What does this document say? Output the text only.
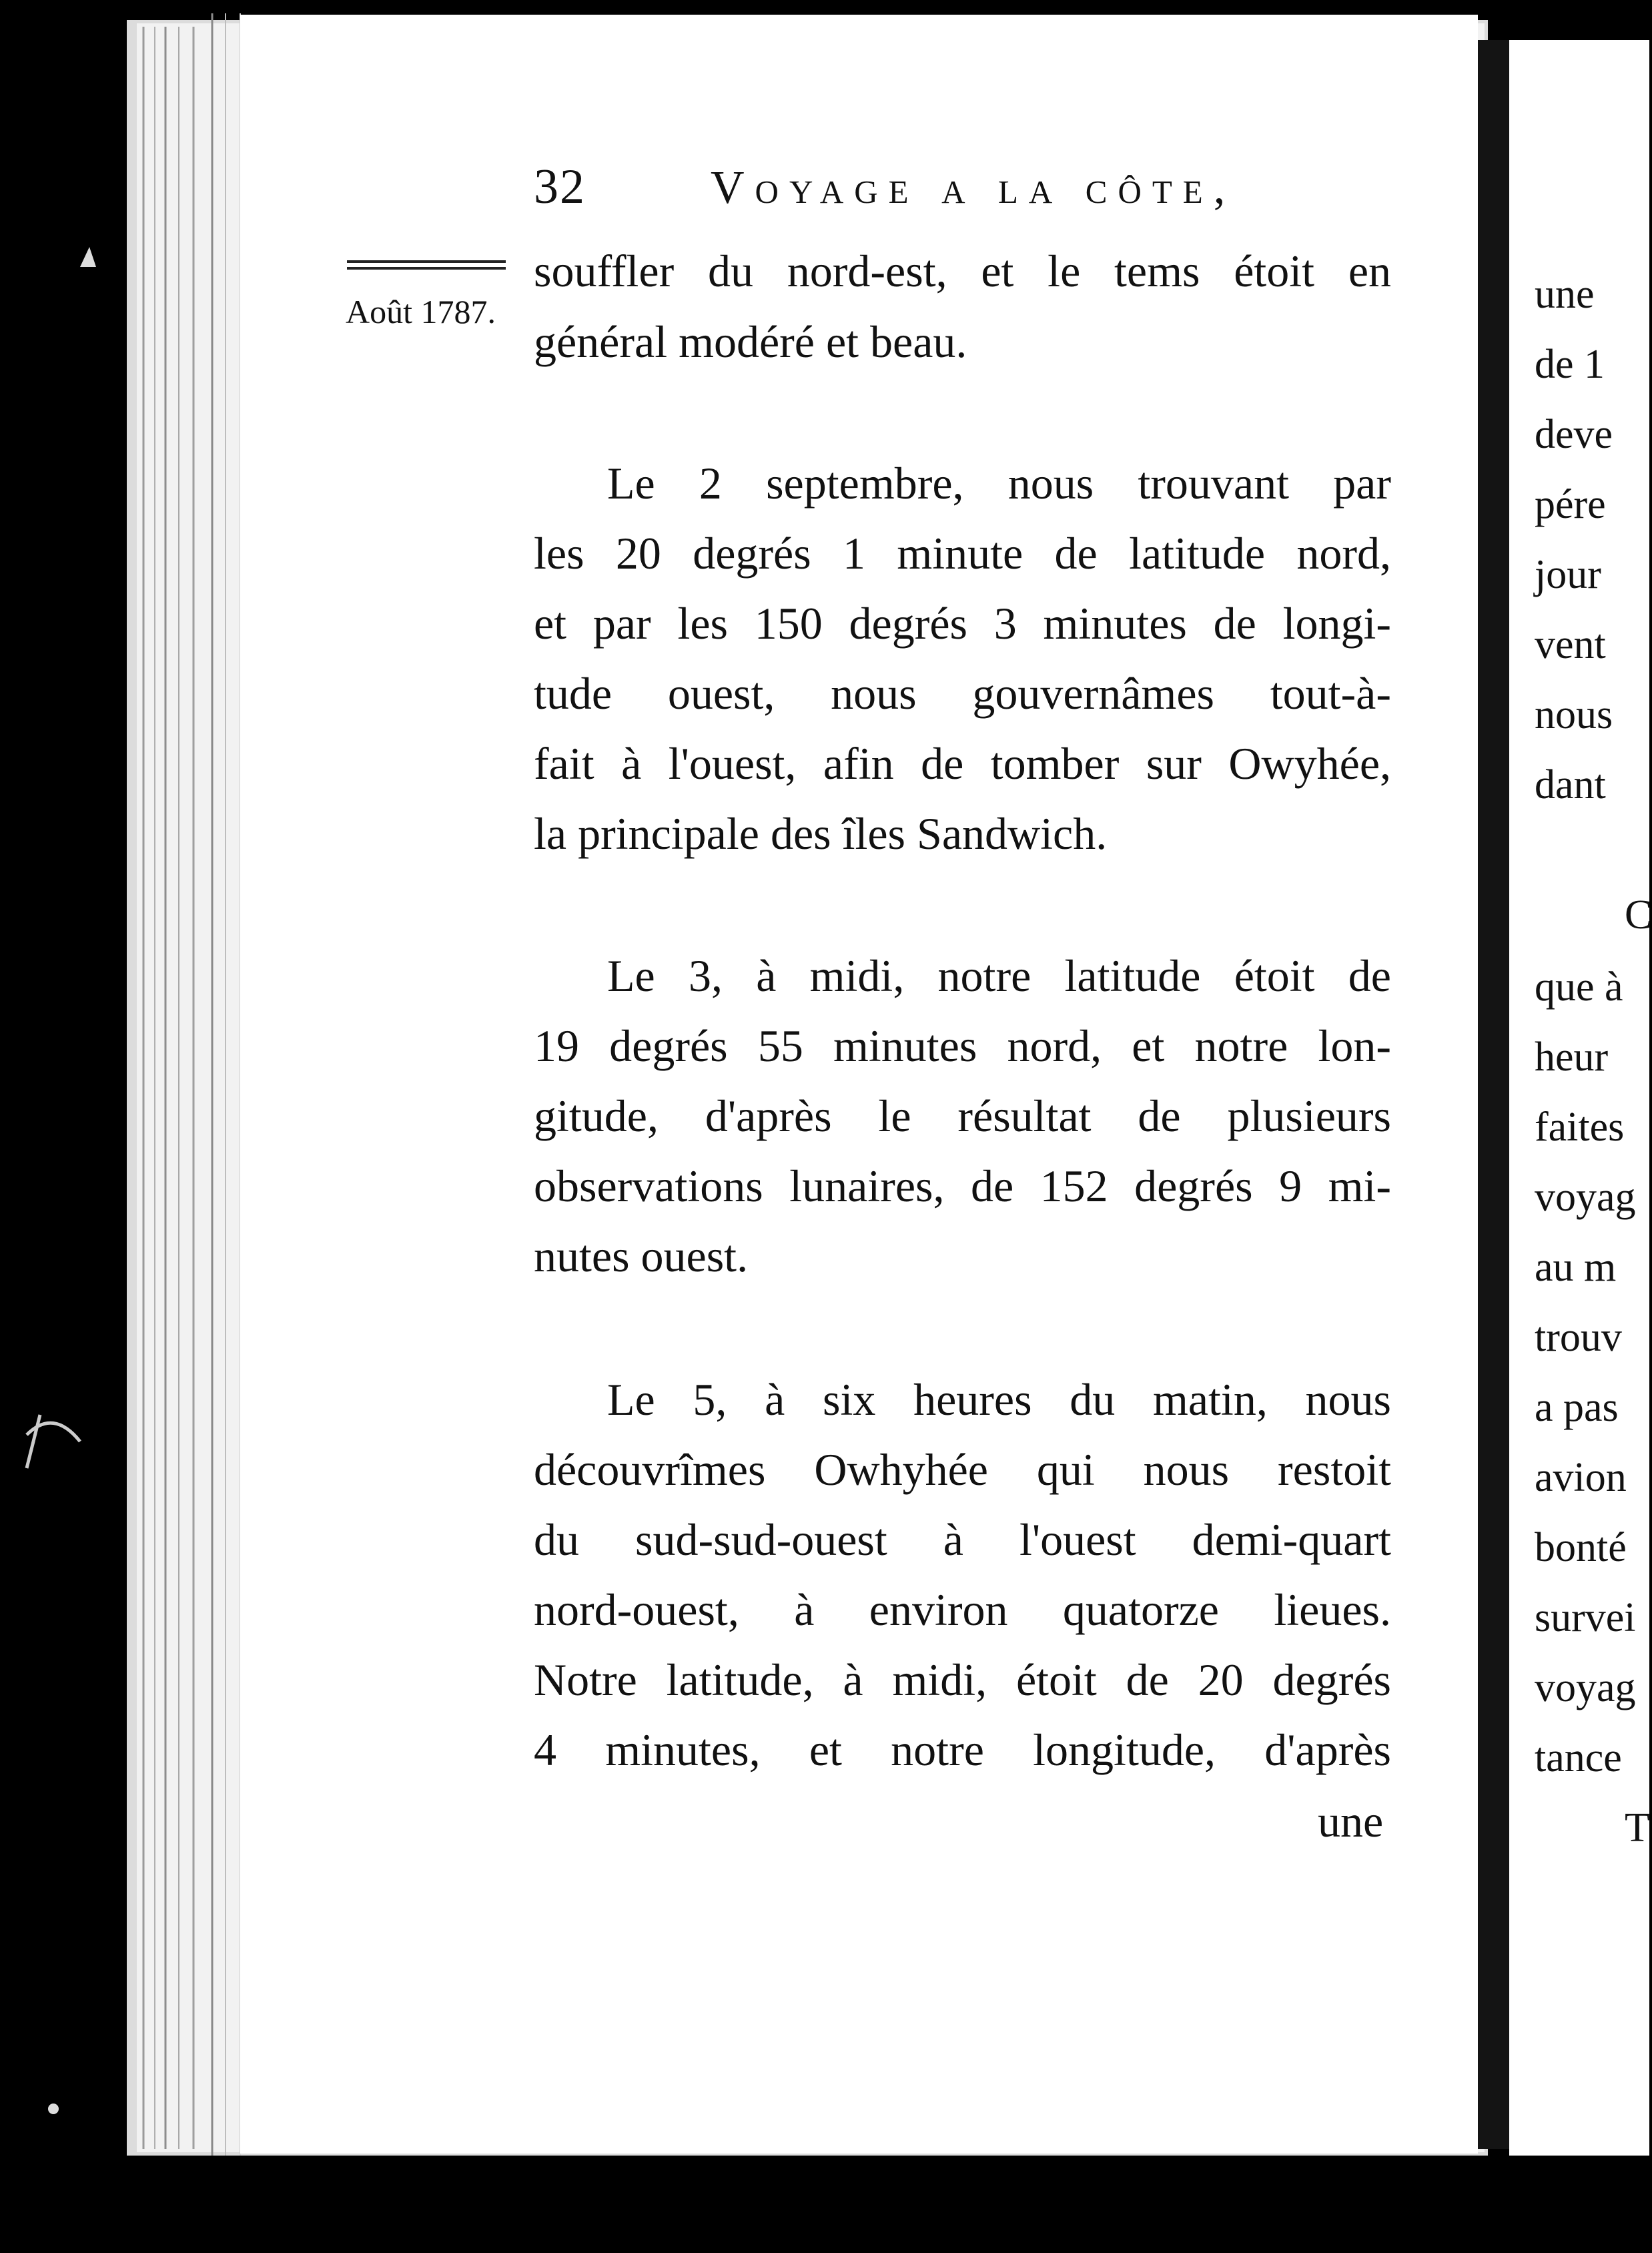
32	Voyage a la côte,
Août 1787.
souffler du nord-est, et le tems étoit en
général modéré et beau.
Le 2 septembre, nous trouvant par
les 20 degrés 1 minute de latitude nord,
et par les 150 degrés 3 minutes de longi-
tude ouest, nous gouvernâmes tout-à-
fait à l'ouest, afin de tomber sur Owyhée,
la principale des îles Sandwich.
Le 3, à midi, notre latitude étoit de
19 degrés 55 minutes nord, et notre lon-
gitude, d'après le résultat de plusieurs
observations lunaires, de 152 degrés 9 mi-
nutes ouest.
Le 5, à six heures du matin, nous
découvrîmes Owhyhée qui nous restoit
du sud-sud-ouest à l'ouest demi-quart
nord-ouest, à environ quatorze lieues.
Notre latitude, à midi, étoit de 20 degrés
4 minutes, et notre longitude, d'après
une
une
de 1
deve
pére
jour
vent
nous
dant
C
que à
heur
faites
voyag
au m
trouv
a pas
avion
bonté
survei
voyag
tance
T
